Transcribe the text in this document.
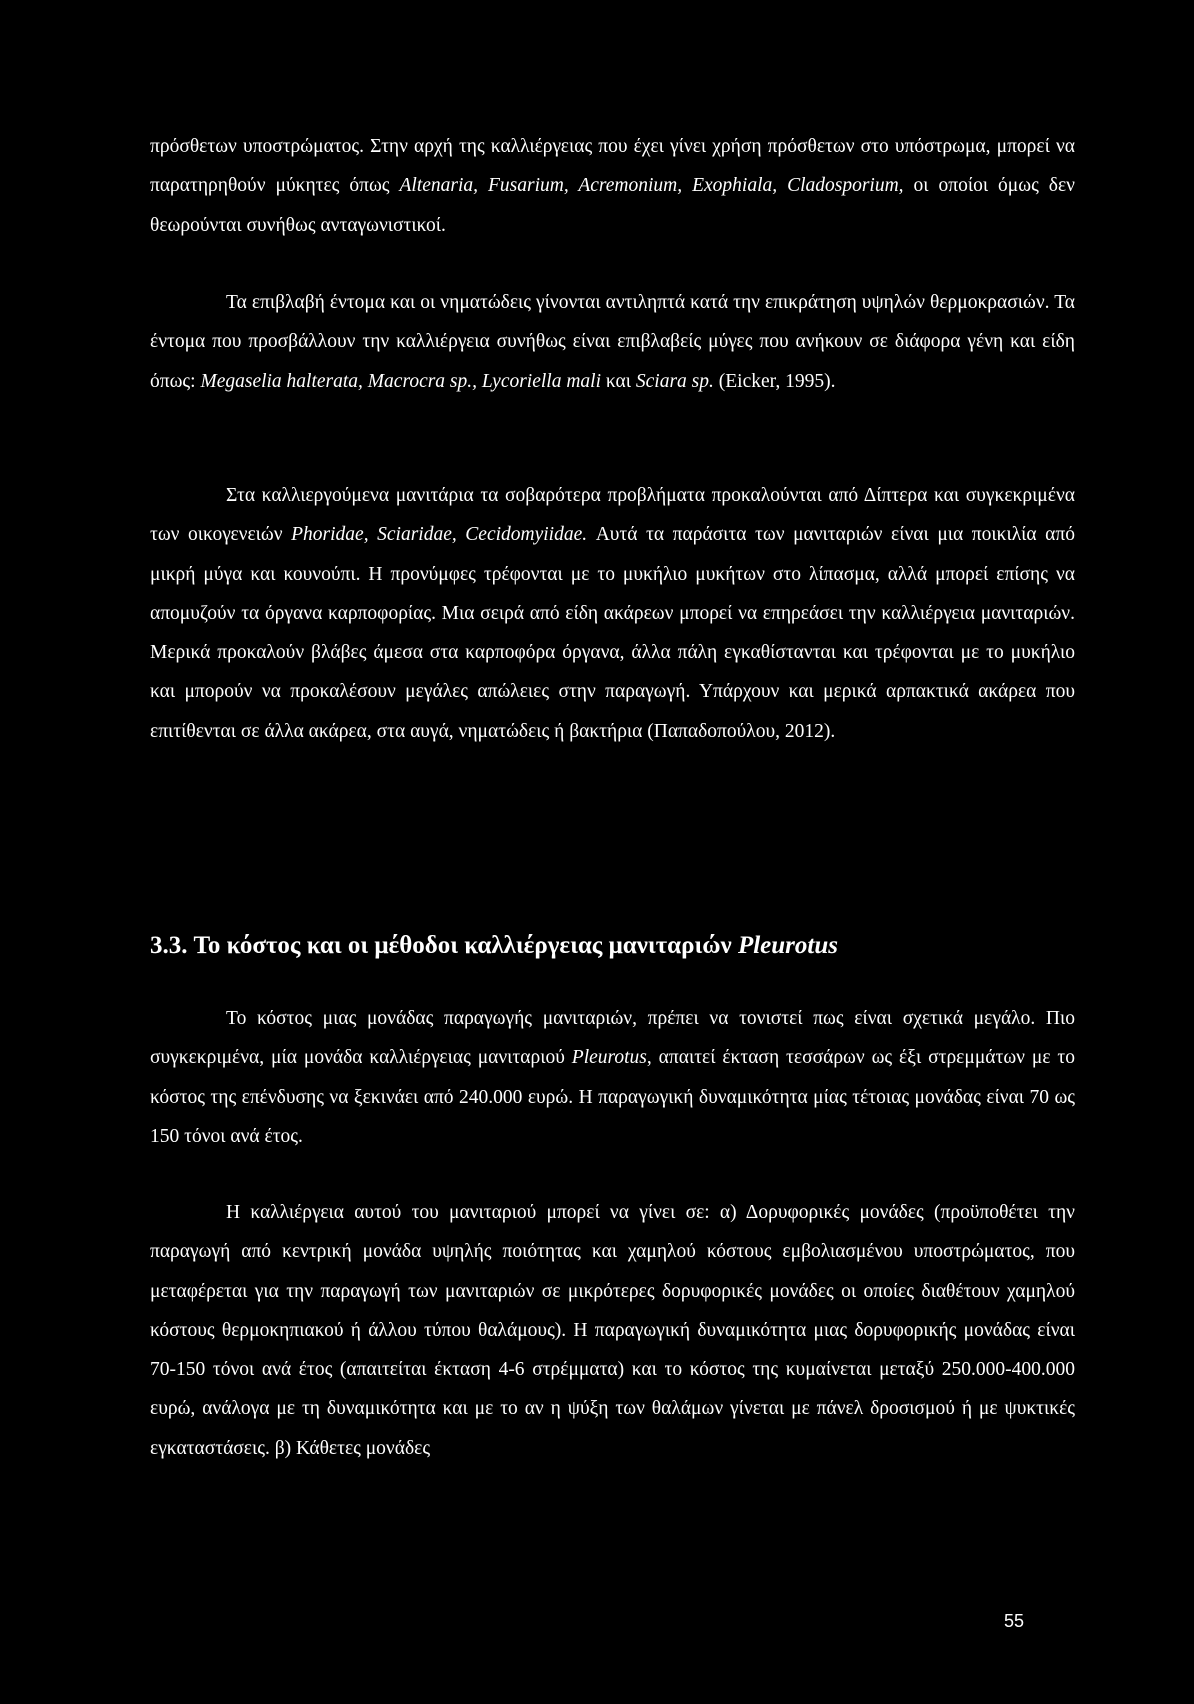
πρόσθετων υποστρώματος. Στην αρχή της καλλιέργειας που έχει γίνει χρήση πρόσθετων στο υπόστρωμα, μπορεί να παρατηρηθούν μύκητες όπως Altenaria, Fusarium, Acremonium, Exophiala, Cladosporium, οι οποίοι όμως δεν θεωρούνται συνήθως ανταγωνιστικοί.

Τα επιβλαβή έντομα και οι νηματώδεις γίνονται αντιληπτά κατά την επικράτηση υψηλών θερμοκρασιών. Τα έντομα που προσβάλλουν την καλλιέργεια συνήθως είναι επιβλαβείς μύγες που ανήκουν σε διάφορα γένη και είδη όπως: Megaselia halterata, Macrocra sp., Lycoriella mali και Sciara sp. (Eicker, 1995).

Στα καλλιεργούμενα μανιτάρια τα σοβαρότερα προβλήματα προκαλούνται από Δίπτερα και συγκεκριμένα των οικογενειών Phoridae, Sciaridae, Cecidomyiidae. Αυτά τα παράσιτα των μανιταριών είναι μια ποικιλία από μικρή μύγα και κουνούπι. Η προνύμφες τρέφονται με το μυκήλιο μυκήτων στο λίπασμα, αλλά μπορεί επίσης να απομυζούν τα όργανα καρποφορίας. Μια σειρά από είδη ακάρεων μπορεί να επηρεάσει την καλλιέργεια μανιταριών. Μερικά προκαλούν βλάβες άμεσα στα καρποφόρα όργανα, άλλα πάλη εγκαθίστανται και τρέφονται με το μυκήλιο και μπορούν να προκαλέσουν μεγάλες απώλειες στην παραγωγή. Υπάρχουν και μερικά αρπακτικά ακάρεα που επιτίθενται σε άλλα ακάρεα, στα αυγά, νηματώδεις ή βακτήρια (Παπαδοπούλου, 2012).

3.3. Το κόστος και οι μέθοδοι καλλιέργειας μανιταριών Pleurotus

Το κόστος μιας μονάδας παραγωγής μανιταριών, πρέπει να τονιστεί πως είναι σχετικά μεγάλο. Πιο συγκεκριμένα, μία μονάδα καλλιέργειας μανιταριού Pleurotus, απαιτεί έκταση τεσσάρων ως έξι στρεμμάτων με το κόστος της επένδυσης να ξεκινάει από 240.000 ευρώ. Η παραγωγική δυναμικότητα μίας τέτοιας μονάδας είναι 70 ως 150 τόνοι ανά έτος.

Η καλλιέργεια αυτού του μανιταριού μπορεί να γίνει σε: α) Δορυφορικές μονάδες (προϋποθέτει την παραγωγή από κεντρική μονάδα υψηλής ποιότητας και χαμηλού κόστους εμβολιασμένου υποστρώματος, που μεταφέρεται για την παραγωγή των μανιταριών σε μικρότερες δορυφορικές μονάδες οι οποίες διαθέτουν χαμηλού κόστους θερμοκηπιακού ή άλλου τύπου θαλάμους). Η παραγωγική δυναμικότητα μιας δορυφορικής μονάδας είναι 70-150 τόνοι ανά έτος (απαιτείται έκταση 4-6 στρέμματα) και το κόστος της κυμαίνεται μεταξύ 250.000-400.000 ευρώ, ανάλογα με τη δυναμικότητα και με το αν η ψύξη των θαλάμων γίνεται με πάνελ δροσισμού ή με ψυκτικές εγκαταστάσεις. β) Κάθετες μονάδες

55
